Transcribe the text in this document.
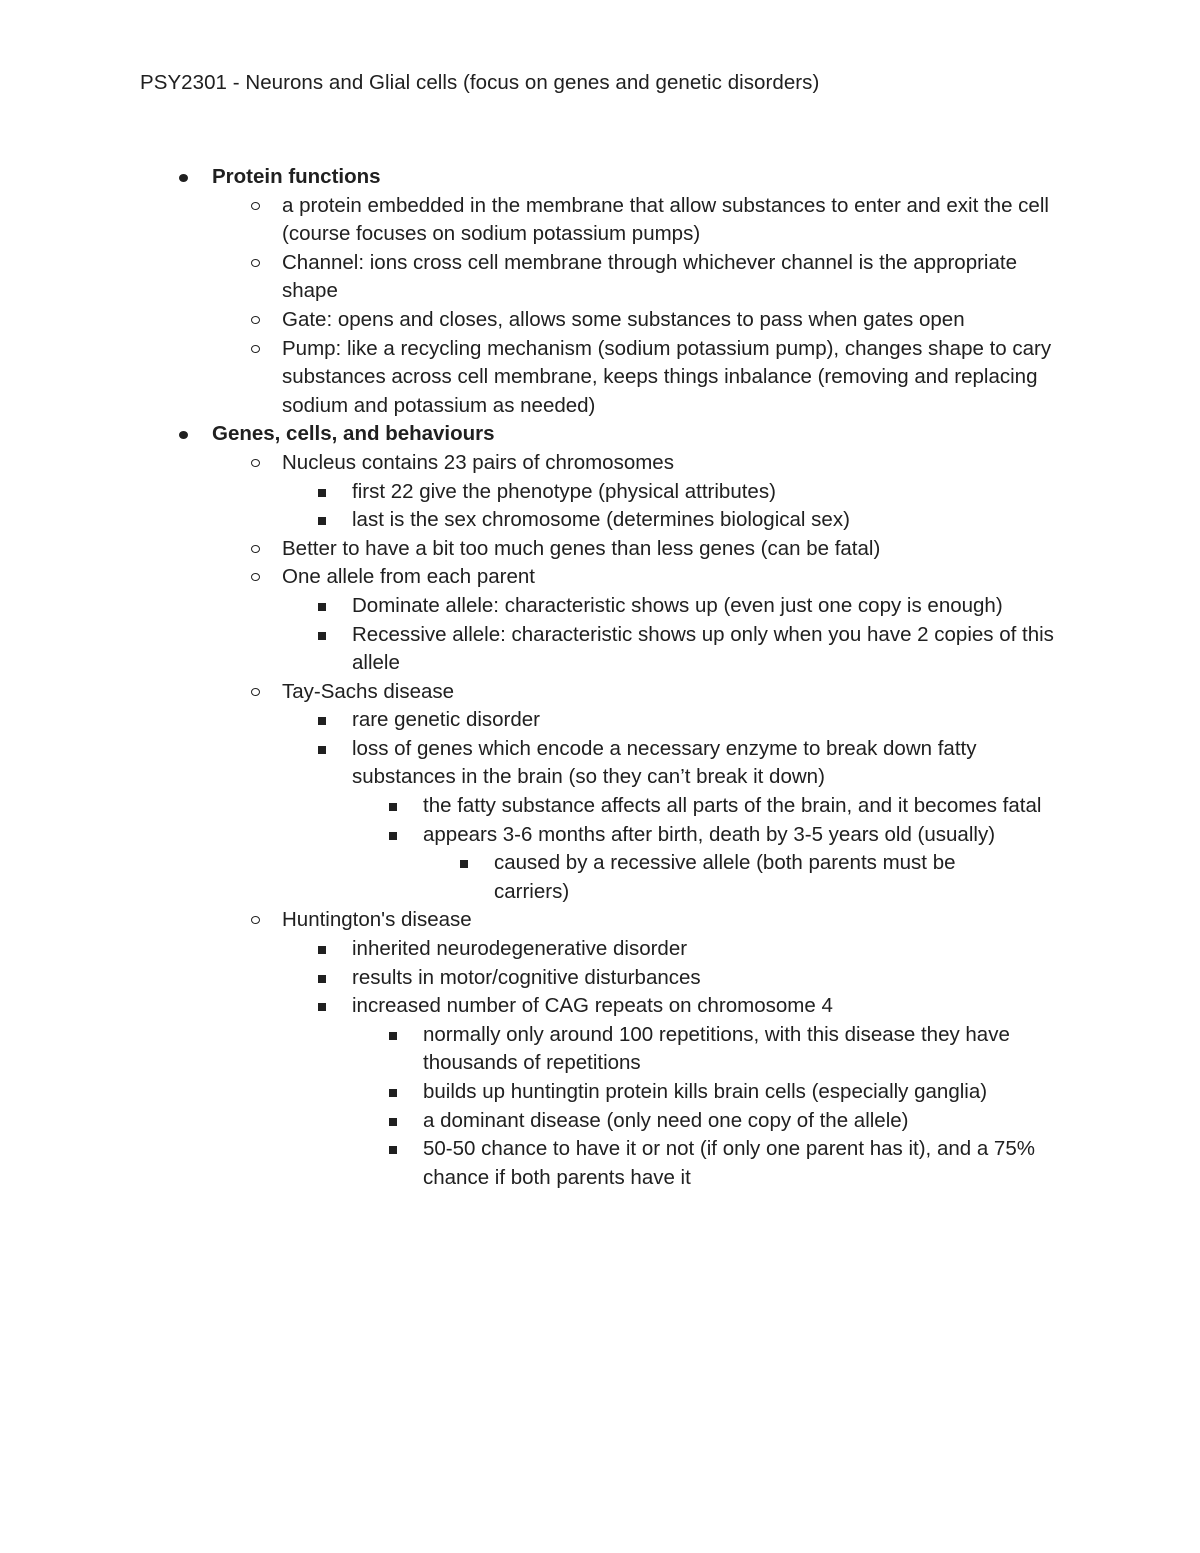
PSY2301 - Neurons and Glial cells (focus on genes and genetic disorders)
Protein functions
a protein embedded in the membrane that allow substances to enter and exit the cell (course focuses on sodium potassium pumps)
Channel: ions cross cell membrane through whichever channel is the appropriate shape
Gate: opens and closes, allows some substances to pass when gates open
Pump: like a recycling mechanism (sodium potassium pump), changes shape to cary substances across cell membrane, keeps things inbalance (removing and replacing sodium and potassium as needed)
Genes, cells, and behaviours
Nucleus contains 23 pairs of chromosomes
first 22 give the phenotype (physical attributes)
last is the sex chromosome (determines biological sex)
Better to have a bit too much genes than less genes (can be fatal)
One allele from each parent
Dominate allele: characteristic shows up (even just one copy is enough)
Recessive allele: characteristic shows up only when you have 2 copies of this allele
Tay-Sachs disease
rare genetic disorder
loss of genes which encode a necessary enzyme to break down fatty substances in the brain (so they can’t break it down)
the fatty substance affects all parts of the brain, and it becomes fatal
appears 3-6 months after birth, death by 3-5 years old (usually)
caused by a recessive allele (both parents must be carriers)
Huntington's disease
inherited neurodegenerative disorder
results in motor/cognitive disturbances
increased number of CAG repeats on chromosome 4
normally only around 100 repetitions, with this disease they have thousands of repetitions
builds up huntingtin protein kills brain cells (especially ganglia)
a dominant disease (only need one copy of the allele)
50-50 chance to have it or not (if only one parent has it), and a 75% chance if both parents have it
